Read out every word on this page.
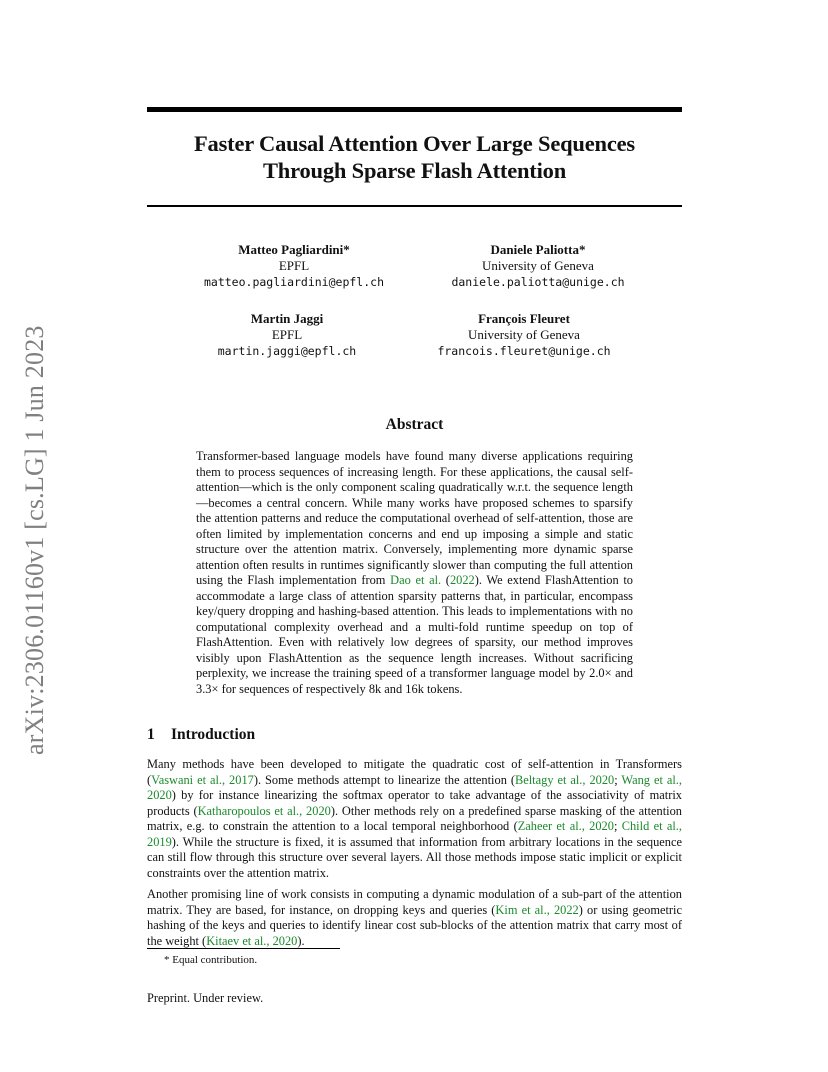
arXiv:2306.01160v1 [cs.LG] 1 Jun 2023
Faster Causal Attention Over Large Sequences
Through Sparse Flash Attention
Matteo Pagliardini*
EPFL
matteo.pagliardini@epfl.ch
Daniele Paliotta*
University of Geneva
daniele.paliotta@unige.ch
Martin Jaggi
EPFL
martin.jaggi@epfl.ch
François Fleuret
University of Geneva
francois.fleuret@unige.ch
Abstract
Transformer-based language models have found many diverse applications requiring them to process sequences of increasing length. For these applications, the causal self-attention—which is the only component scaling quadratically w.r.t. the sequence length—becomes a central concern. While many works have proposed schemes to sparsify the attention patterns and reduce the computational overhead of self-attention, those are often limited by implementation concerns and end up imposing a simple and static structure over the attention matrix. Conversely, implementing more dynamic sparse attention often results in runtimes significantly slower than computing the full attention using the Flash implementation from Dao et al. (2022). We extend FlashAttention to accommodate a large class of attention sparsity patterns that, in particular, encompass key/query dropping and hashing-based attention. This leads to implementations with no computational complexity overhead and a multi-fold runtime speedup on top of FlashAttention. Even with relatively low degrees of sparsity, our method improves visibly upon FlashAttention as the sequence length increases. Without sacrificing perplexity, we increase the training speed of a transformer language model by 2.0× and 3.3× for sequences of respectively 8k and 16k tokens.
1 Introduction
Many methods have been developed to mitigate the quadratic cost of self-attention in Transformers (Vaswani et al., 2017). Some methods attempt to linearize the attention (Beltagy et al., 2020; Wang et al., 2020) by for instance linearizing the softmax operator to take advantage of the associativity of matrix products (Katharopoulos et al., 2020). Other methods rely on a predefined sparse masking of the attention matrix, e.g. to constrain the attention to a local temporal neighborhood (Zaheer et al., 2020; Child et al., 2019). While the structure is fixed, it is assumed that information from arbitrary locations in the sequence can still flow through this structure over several layers. All those methods impose static implicit or explicit constraints over the attention matrix.
Another promising line of work consists in computing a dynamic modulation of a sub-part of the attention matrix. They are based, for instance, on dropping keys and queries (Kim et al., 2022) or using geometric hashing of the keys and queries to identify linear cost sub-blocks of the attention matrix that carry most of the weight (Kitaev et al., 2020).
* Equal contribution.
Preprint. Under review.
